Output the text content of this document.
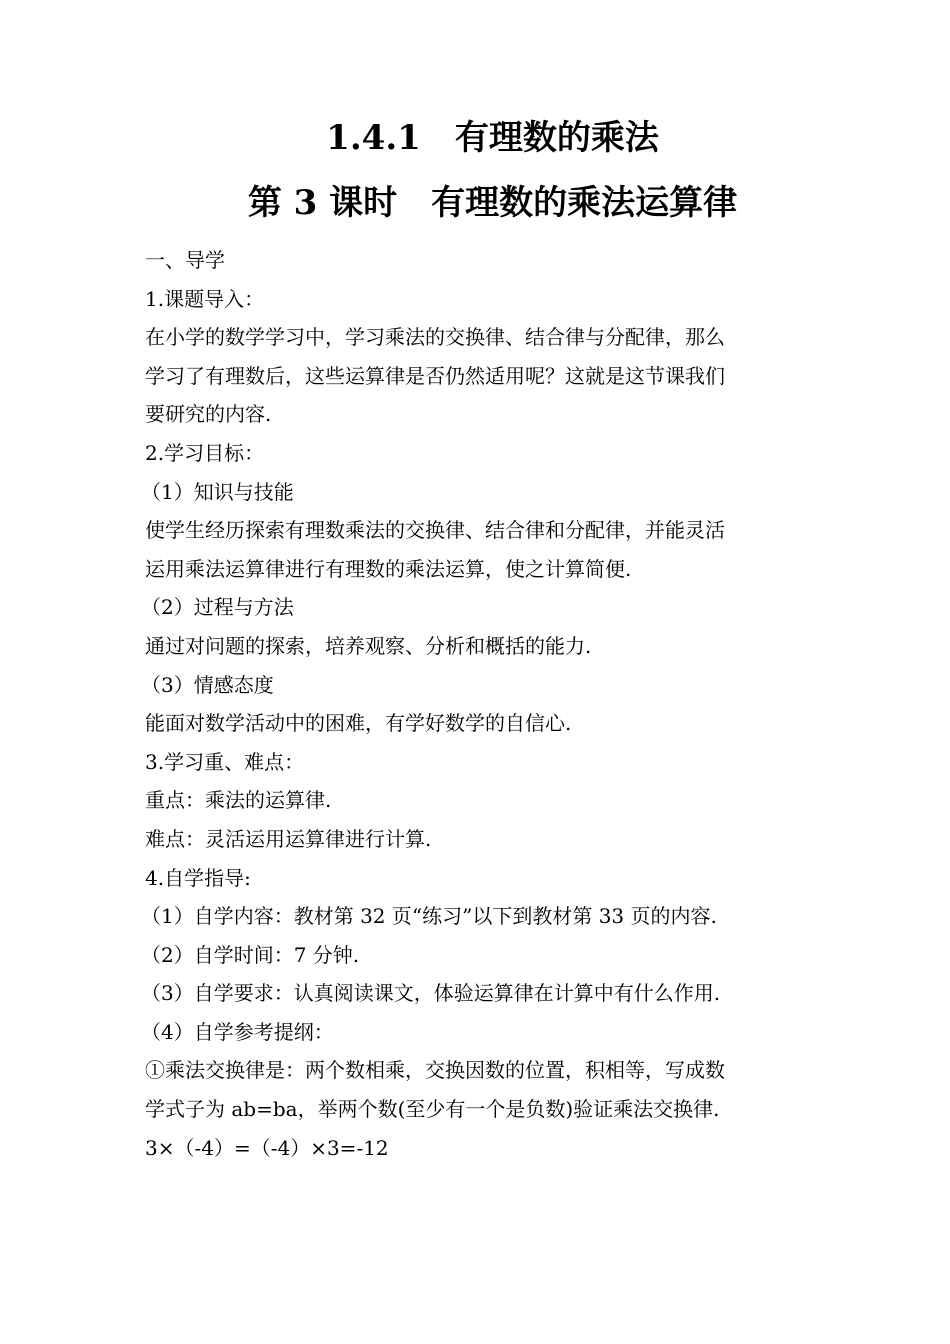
1.4.1　有理数的乘法
第 3 课时　有理数的乘法运算律
一、导学
1.课题导入：
在小学的数学学习中，学习乘法的交换律、结合律与分配律，那么
学习了有理数后，这些运算律是否仍然适用呢？这就是这节课我们
要研究的内容.
2.学习目标：
（1）知识与技能
使学生经历探索有理数乘法的交换律、结合律和分配律，并能灵活
运用乘法运算律进行有理数的乘法运算，使之计算简便.
（2）过程与方法
通过对问题的探索，培养观察、分析和概括的能力.
（3）情感态度
能面对数学活动中的困难，有学好数学的自信心.
3.学习重、难点：
重点：乘法的运算律.
难点：灵活运用运算律进行计算.
4.自学指导:
（1）自学内容：教材第 32 页“练习”以下到教材第 33 页的内容.
（2）自学时间：7 分钟.
（3）自学要求：认真阅读课文，体验运算律在计算中有什么作用.
（4）自学参考提纲：
①乘法交换律是：两个数相乘，交换因数的位置，积相等，写成数
学式子为 ab=ba，举两个数(至少有一个是负数)验证乘法交换律.
3×（-4）=（-4）×3=-12
